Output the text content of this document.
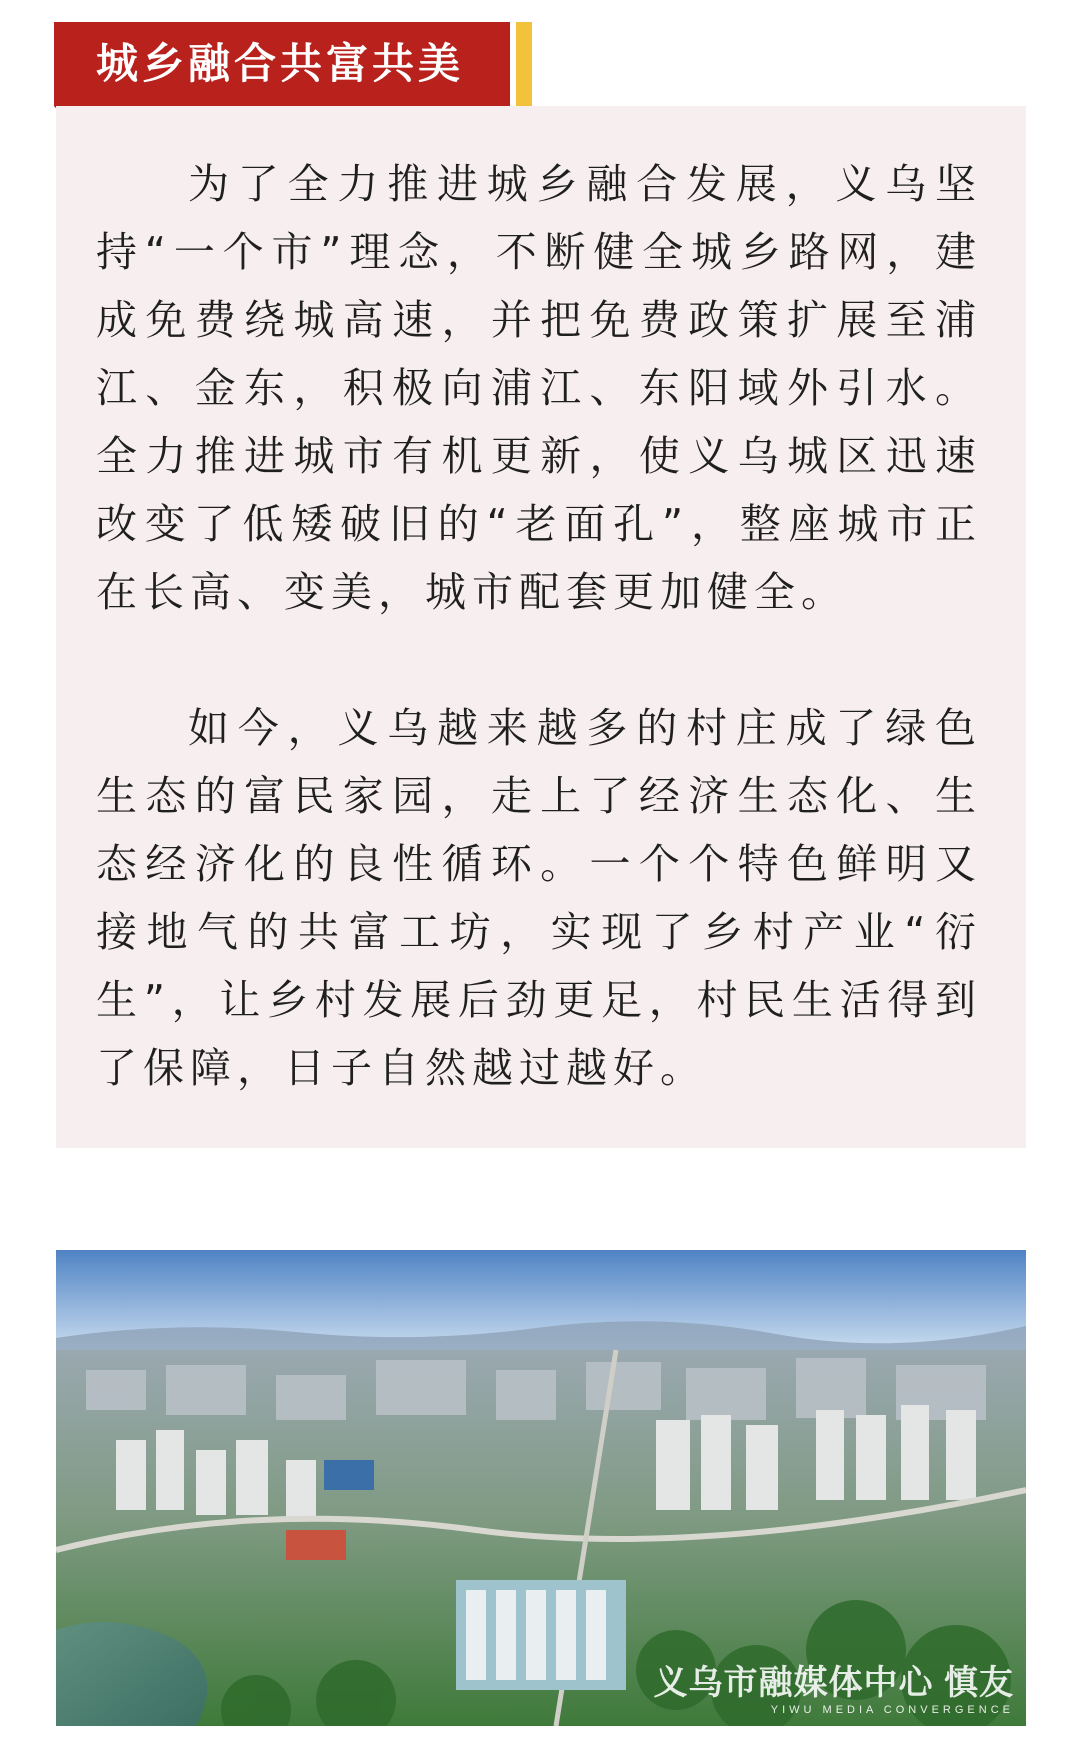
城乡融合共富共美

为了全力推进城乡融合发展，义乌坚持“一个市”理念，不断健全城乡路网，建成免费绕城高速，并把免费政策扩展至浦江、金东，积极向浦江、东阳域外引水。全力推进城市有机更新，使义乌城区迅速改变了低矮破旧的“老面孔”，整座城市正在长高、变美，城市配套更加健全。

如今，义乌越来越多的村庄成了绿色生态的富民家园，走上了经济生态化、生态经济化的良性循环。一个个特色鲜明又接地气的共富工坊，实现了乡村产业“衍生”，让乡村发展后劲更足，村民生活得到了保障，日子自然越过越好。

义乌市融媒体中心 慎友
YIWU MEDIA CONVERGENCE
